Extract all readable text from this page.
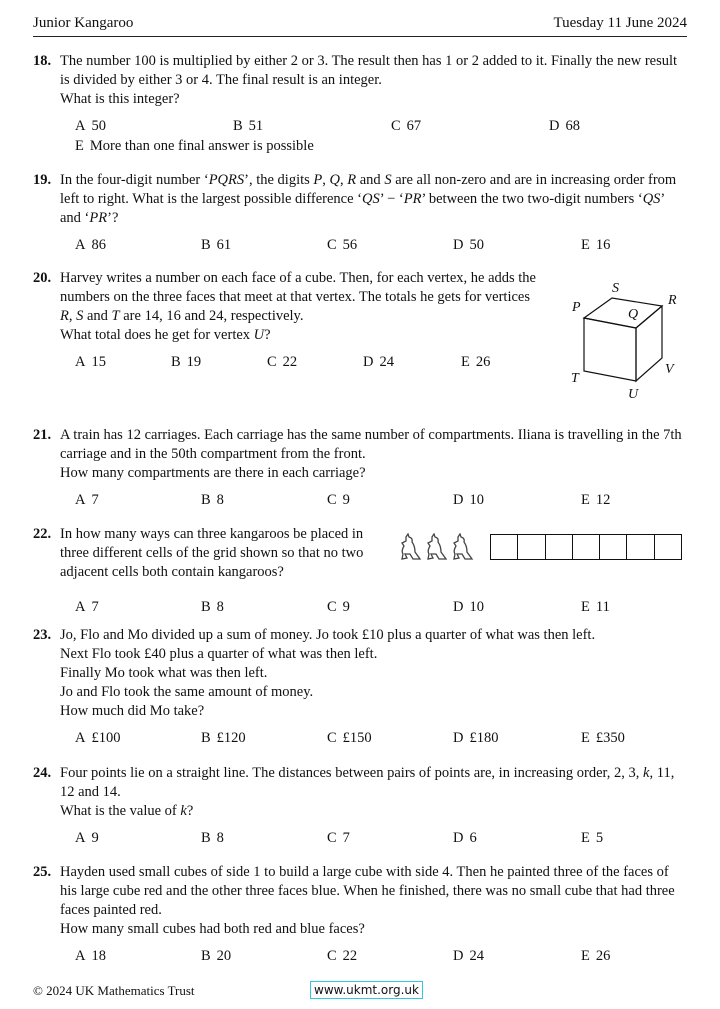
Junior Kangaroo	Tuesday 11 June 2024
18. The number 100 is multiplied by either 2 or 3. The result then has 1 or 2 added to it. Finally the new result is divided by either 3 or 4. The final result is an integer.

What is this integer?

A 50	B 51	C 67	D 68
E More than one final answer is possible
19. In the four-digit number ‘PQRS’, the digits P, Q, R and S are all non-zero and are in increasing order from left to right. What is the largest possible difference ‘QS’ − ‘PR’ between the two two-digit numbers ‘QS’ and ‘PR’?

A 86	B 61	C 56	D 50	E 16
20. Harvey writes a number on each face of a cube. Then, for each vertex, he adds the numbers on the three faces that meet at that vertex. The totals he gets for vertices R, S and T are 14, 16 and 24, respectively.

What total does he get for vertex U?

A 15	B 19	C 22	D 24	E 26
P	Q
R
S
T
U
V
21. A train has 12 carriages. Each carriage has the same number of compartments. Iliana is travelling in the 7th carriage and in the 50th compartment from the front.

How many compartments are there in each carriage?

A 7	B 8	C 9	D 10	E 12
22. In how many ways can three kangaroos be placed in three different cells of the grid shown so that no two adjacent cells both contain kangaroos?

A 7	B 8	C 9	D 10	E 11
23. Jo, Flo and Mo divided up a sum of money. Jo took £10 plus a quarter of what was then left.

Next Flo took £40 plus a quarter of what was then left.

Finally Mo took what was then left.

Jo and Flo took the same amount of money.

How much did Mo take?

A £100	B £120	C £150	D £180	E £350
24. Four points lie on a straight line. The distances between pairs of points are, in increasing order, 2, 3, k, 11, 12 and 14.

What is the value of k?

A 9	B 8	C 7	D 6	E 5
25. Hayden used small cubes of side 1 to build a large cube with side 4. Then he painted three of the faces of his large cube red and the other three faces blue. When he finished, there was no small cube that had three faces painted red.

How many small cubes had both red and blue faces?

A 18	B 20	C 22	D 24	E 26
© 2024 UK Mathematics Trust	www.ukmt.org.uk
